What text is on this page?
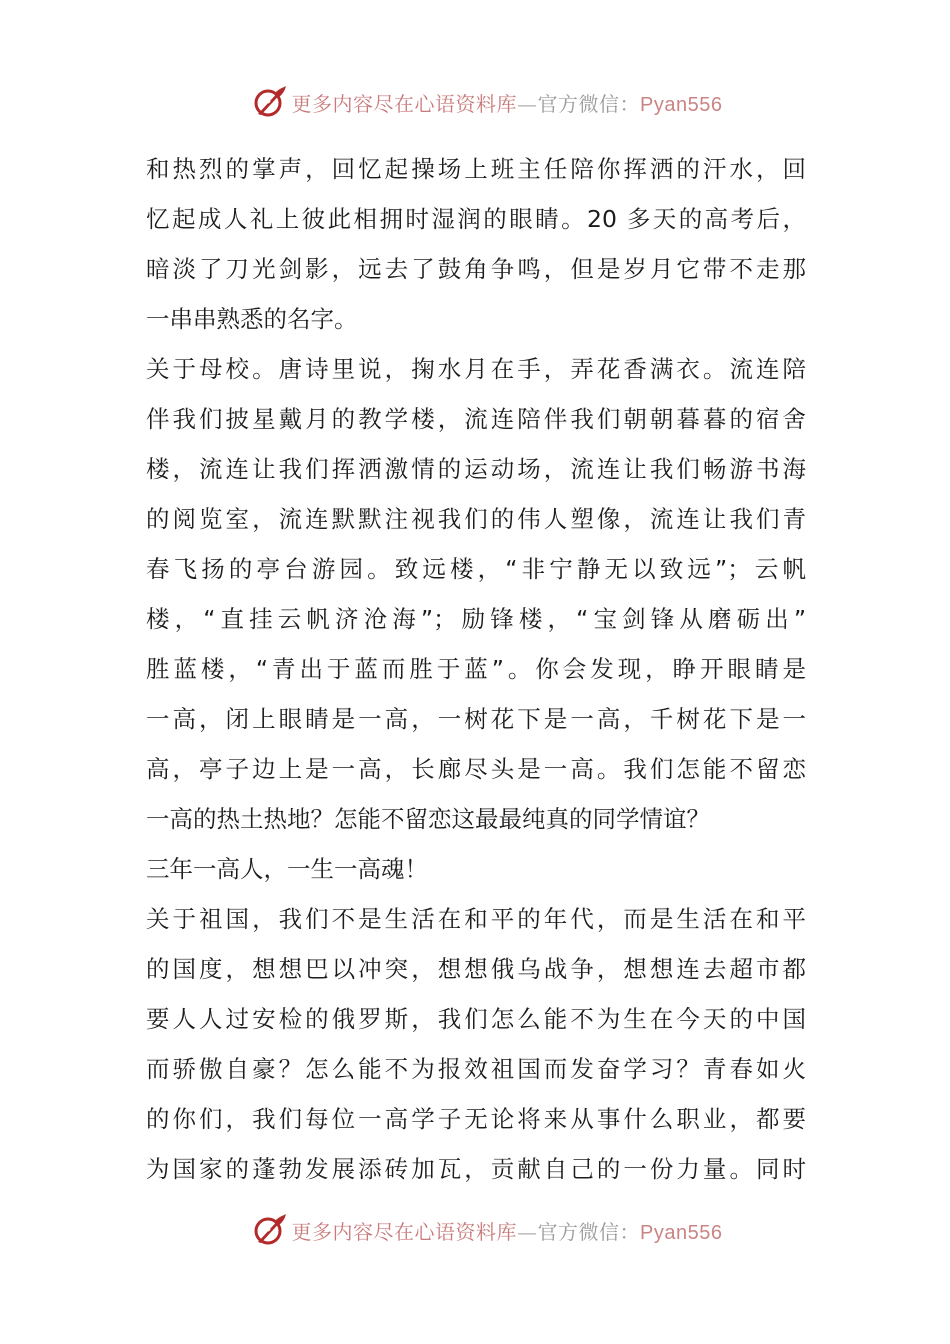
更多内容尽在心语资料库—官方微信：Pyan556
和热烈的掌声，回忆起操场上班主任陪你挥洒的汗水，回
忆起成人礼上彼此相拥时湿润的眼睛。20 多天的高考后，
暗淡了刀光剑影，远去了鼓角争鸣，但是岁月它带不走那
一串串熟悉的名字。
关于母校。唐诗里说，掬水月在手，弄花香满衣。流连陪
伴我们披星戴月的教学楼，流连陪伴我们朝朝暮暮的宿舍
楼，流连让我们挥洒激情的运动场，流连让我们畅游书海
的阅览室，流连默默注视我们的伟人塑像，流连让我们青
春飞扬的亭台游园。致远楼，“非宁静无以致远”；云帆
楼，“直挂云帆济沧海”；励锋楼，“宝剑锋从磨砺出”
胜蓝楼，“青出于蓝而胜于蓝”。你会发现，睁开眼睛是
一高，闭上眼睛是一高，一树花下是一高，千树花下是一
高，亭子边上是一高，长廊尽头是一高。我们怎能不留恋
一高的热土热地？怎能不留恋这最最纯真的同学情谊？
三年一高人，一生一高魂！
关于祖国，我们不是生活在和平的年代，而是生活在和平
的国度，想想巴以冲突，想想俄乌战争，想想连去超市都
要人人过安检的俄罗斯，我们怎么能不为生在今天的中国
而骄傲自豪？怎么能不为报效祖国而发奋学习？青春如火
的你们，我们每位一高学子无论将来从事什么职业，都要
为国家的蓬勃发展添砖加瓦，贡献自己的一份力量。同时
更多内容尽在心语资料库—官方微信：Pyan556
